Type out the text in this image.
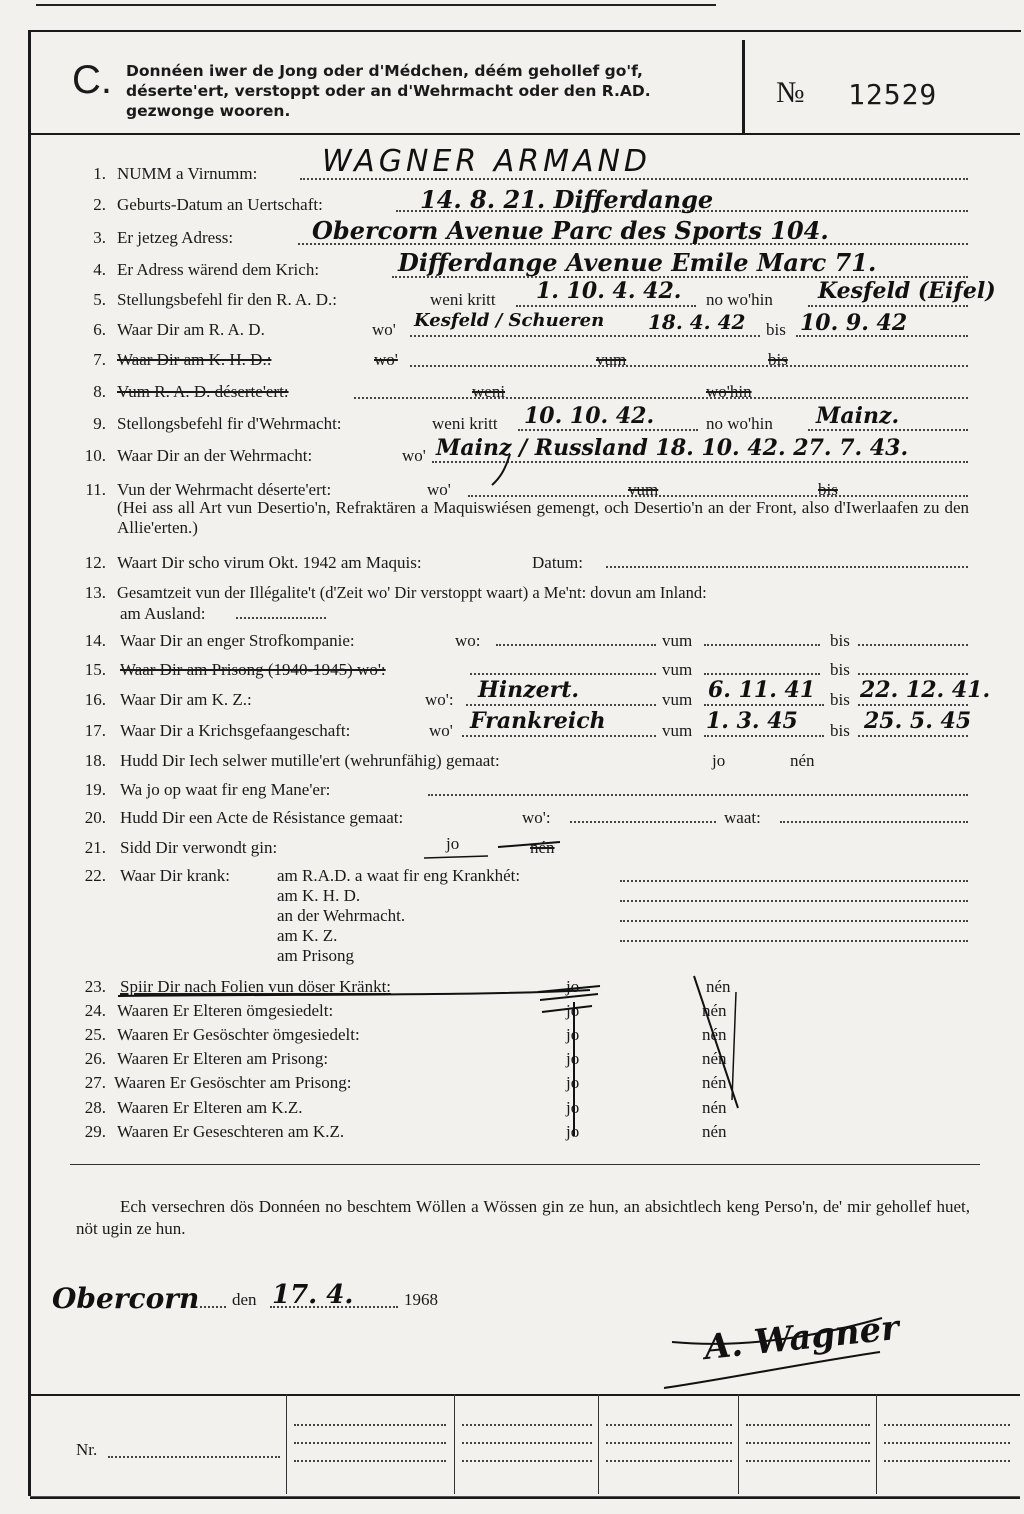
C. Donnéen iwer de Jong oder d'Médchen, déém gehollef go'f, déserte'ert, verstoppt oder an d'Wehrmacht oder den R.AD. gezwonge wooren.
№ 12529
1. NUMM a Virnumm: WAGNER ARMAND
2. Geburts-Datum an Uertschaft:	14. 8. 21. Differdange
3. Er jetzeg Adress:	Obercorn Avenue Parc des Sports 104.
4. Er Adress wärend dem Krich:	Differdange Avenue Emile Marc 71.
5. Stellungsbefehl fir den R. A. D.:	weni kritt 1. 10. 4. 42. no wo'hin Kesfeld (Eifel)
6. Waar Dir am R. A. D.	wo' Kesfeld / Schueren 18. 4. 42 bis 10. 9. 42
7. Waar Dir am K. H. D.:	wo'	vum	bis
8. Vum R. A. D. déserte'ert:	weni	wo'hin
9. Stellongsbefehl fir d'Wehrmacht:	weni kritt 10. 10. 42.	no wo'hin Mainz.
10. Waar Dir an der Wehrmacht:	wo' Mainz / Russland 18. 10. 42. 27. 7. 43.
11. Vun der Wehrmacht déserte'ert:	wo'	vum	bis
(Hei ass all Art vun Desertio'n, Refraktären a Maquiswiésen gemengt, och Desertio'n an der Front, also d'Iwerlaafen zu den Allie'erten.)
12. Waart Dir scho virum Okt. 1942 am Maquis:	Datum:
13. Gesamtzeit vun der Illégalite't (d'Zeit wo' Dir verstoppt waart) a Me'nt: dovun am Inland:
am Ausland:
14. Waar Dir an enger Strofkompanie:	wo:	vum	bis
15. Waar Dir am Prisong (1940-1945) wo':	vum	bis
16. Waar Dir am K. Z.:	wo': Hinzert.	vum 6. 11. 41 bis 22. 12. 41.
17. Waar Dir a Krichsgefaangeschaft:	wo' Frankreich	vum 1. 3. 45 bis 25. 5. 45
18. Hudd Dir Iech selwer mutille'ert (wehrunfähig) gemaat:	jo	nén
19. Wa jo op waat fir eng Mane'er:
20. Hudd Dir een Acte de Résistance gemaat:	wo':	waat:
21. Sidd Dir verwondt gin:	jo	nén
22. Waar Dir krank:	am R.A.D. a waat fir eng Krankhét:
am K. H. D.
an der Wehrmacht.
am K. Z.
am Prisong
23. Spiir Dir nach Folien vun döser Kränkt:	jo	nén
24. Waaren Er Elteren ömgesiedelt:	jo	nén
25. Waaren Er Gesöschter ömgesiedelt:	jo	nén
26. Waaren Er Elteren am Prisong:	jo	nén
27. Waaren Er Gesöschter am Prisong:	jo	nén
28. Waaren Er Elteren am K.Z.	jo	nén
29. Waaren Er Geseschteren am K.Z.	jo	nén
Ech versechren dös Donnéen no beschtem Wöllen a Wössen gin ze hun, an absichtlech keng Perso'n, de' mir gehollef huet, nöt ugin ze hun.
Obercorn den 17. 4.	1968
A. Wagner
Nr.
